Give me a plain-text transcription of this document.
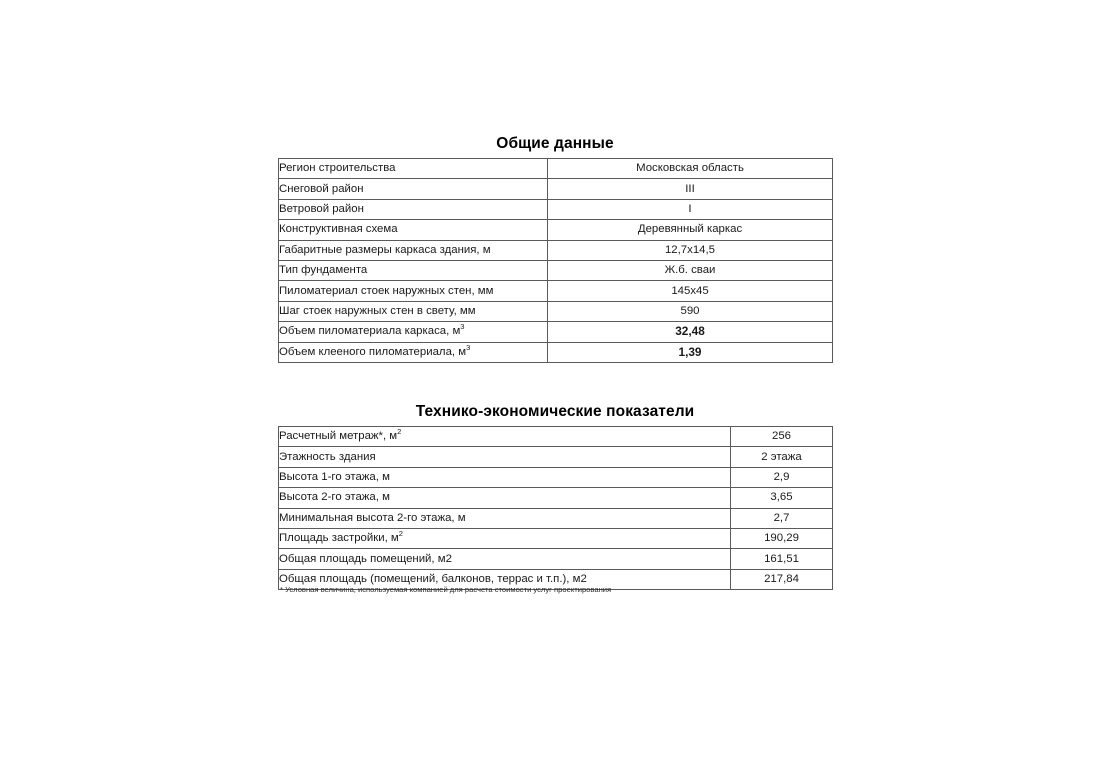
Общие данные
Регион строительства	Московская область
Снеговой район	III
Ветровой район	I
Конструктивная схема	Деревянный каркас
Габаритные размеры каркаса здания, м	12,7х14,5
Тип фундамента	Ж.б. сваи
Пиломатериал стоек наружных стен, мм	145х45
Шаг стоек наружных стен в свету, мм	590
Объем пиломатериала каркаса, $м^3$	32,48
Объем клееного пиломатериала, $м^3$	1,39
Технико-экономические показатели
Расчетный метраж*, $м^2$	256
Этажность здания	2 этажа
Высота 1-го этажа, м	2,9
Высота 2-го этажа, м	3,65
Минимальная высота 2-го этажа, м	2,7
Площадь застройки, $м^2$	190,29
Общая площадь помещений, м2	161,51
Общая площадь (помещений, балконов, террас и т.п.), м2	217,84
* Условная величина, используемая компанией для расчета стоимости услуг проектирования
